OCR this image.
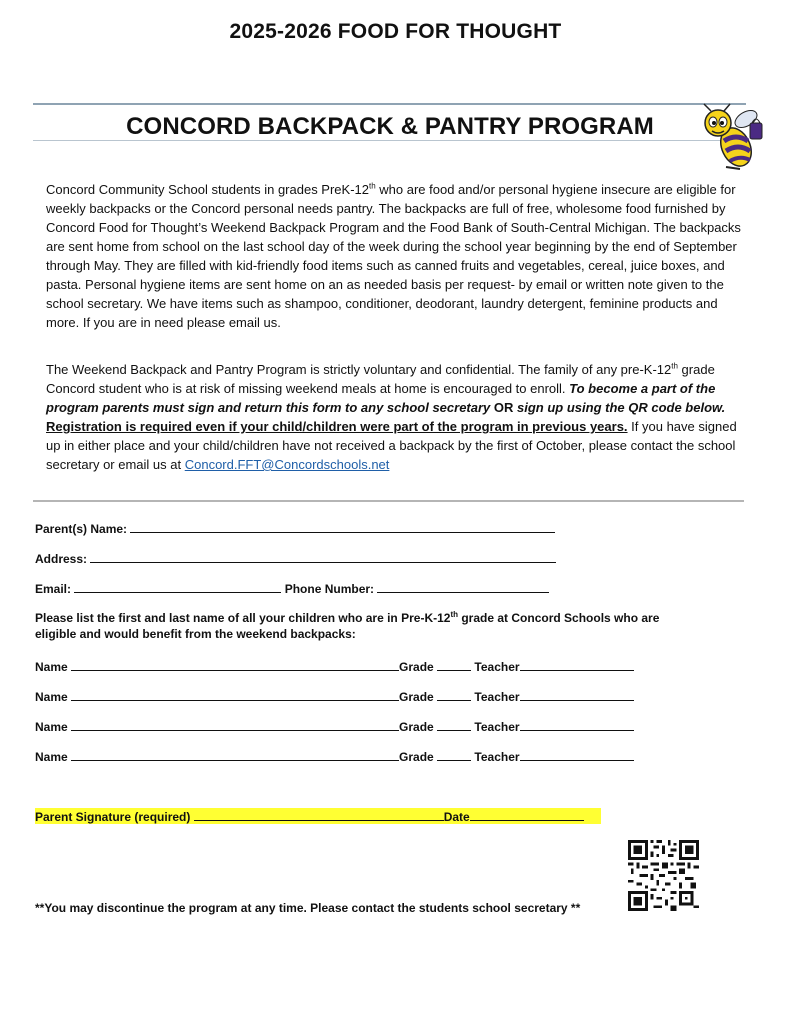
2025-2026 FOOD FOR THOUGHT
CONCORD BACKPACK & PANTRY PROGRAM
Concord Community School students in grades PreK-12th who are food and/or personal hygiene insecure are eligible for weekly backpacks or the Concord personal needs pantry. The backpacks are full of free, wholesome food furnished by Concord Food for Thought’s Weekend Backpack Program and the Food Bank of South-Central Michigan. The backpacks are sent home from school on the last school day of the week during the school year beginning by the end of September through May. They are filled with kid-friendly food items such as canned fruits and vegetables, cereal, juice boxes, and pasta. Personal hygiene items are sent home on an as needed basis per request- by email or written note given to the school secretary. We have items such as shampoo, conditioner, deodorant, laundry detergent, feminine products and more. If you are in need please email us.
The Weekend Backpack and Pantry Program is strictly voluntary and confidential. The family of any pre-K-12th grade Concord student who is at risk of missing weekend meals at home is encouraged to enroll. To become a part of the program parents must sign and return this form to any school secretary OR sign up using the QR code below. Registration is required even if your child/children were part of the program in previous years. If you have signed up in either place and your child/children have not received a backpack by the first of October, please contact the school secretary or email us at Concord.FFT@Concordschools.net
Parent(s) Name:
Address:
Email:	Phone Number:
Please list the first and last name of all your children who are in Pre-K-12th grade at Concord Schools who are
eligible and would benefit from the weekend backpacks:
Name	Grade	Teacher
Name	Grade	Teacher
Name	Grade	Teacher
Name	Grade	Teacher
Parent Signature (required)	Date
**You may discontinue the program at any time. Please contact the students school secretary **
